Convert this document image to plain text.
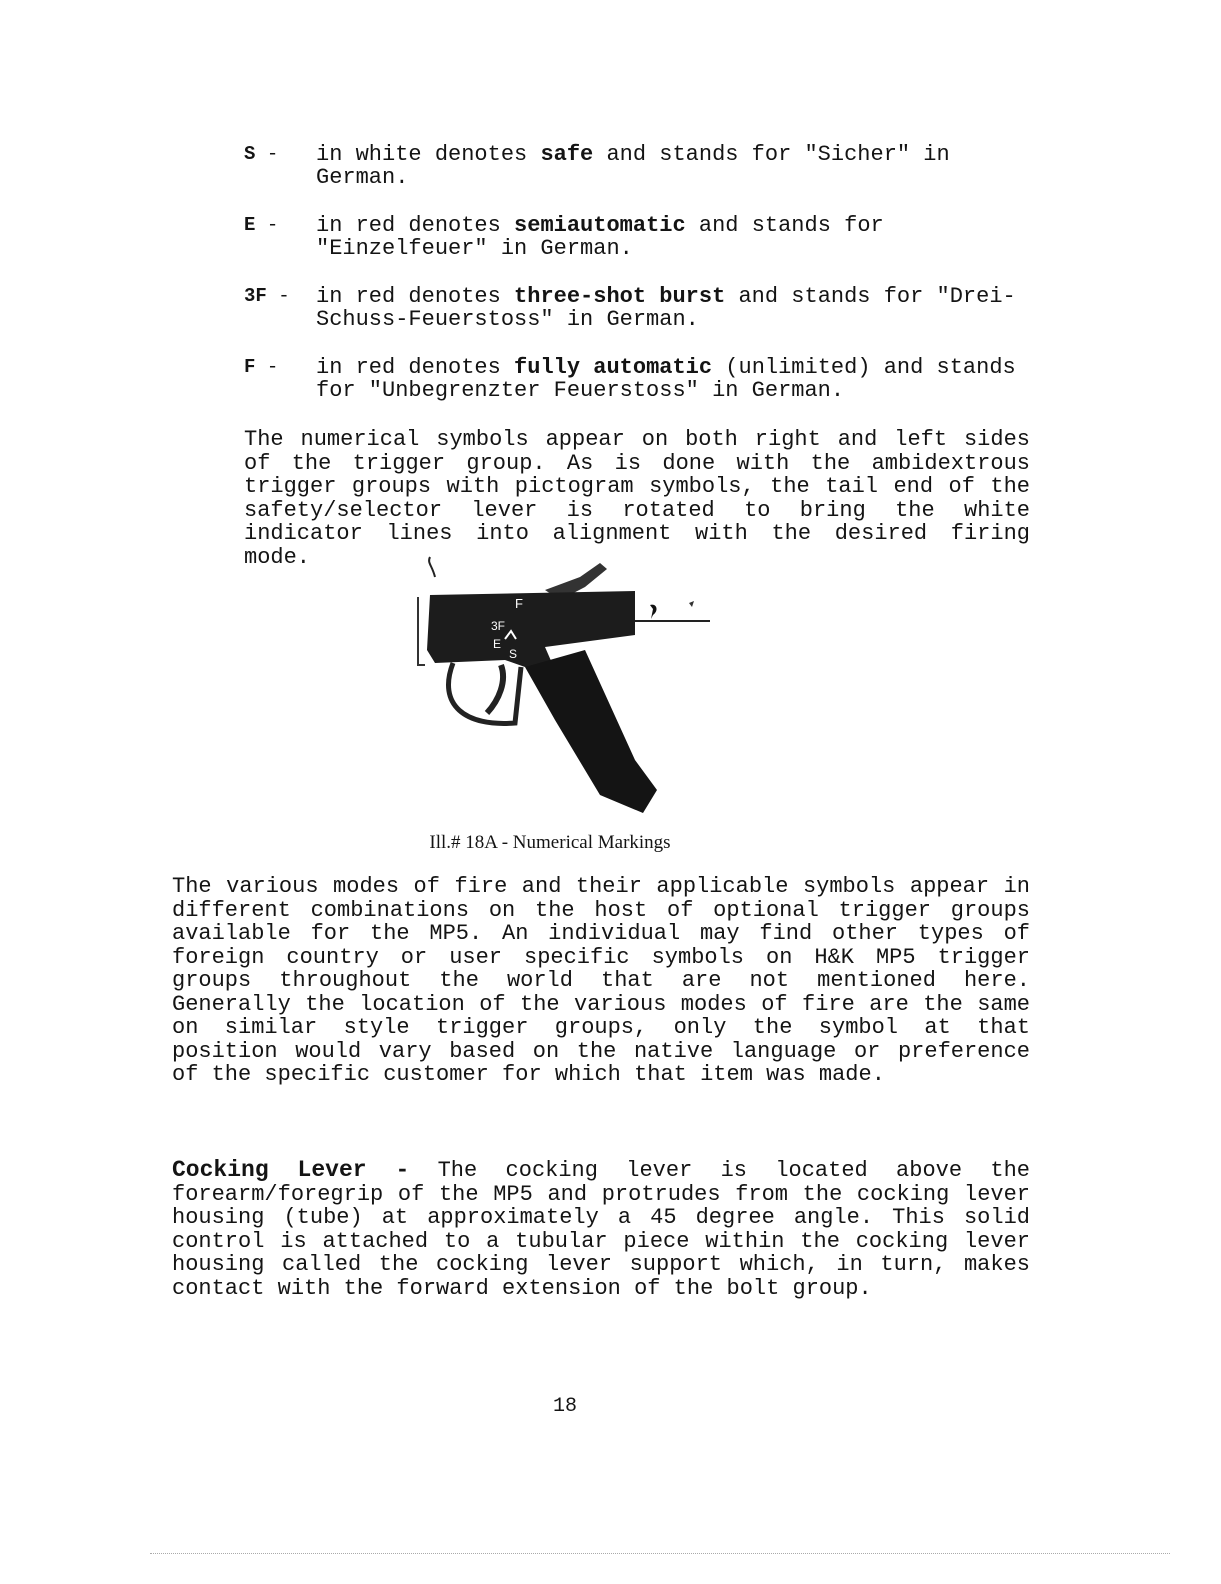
S - in white denotes safe and stands for "Sicher" in German.
E - in red denotes semiautomatic and stands for "Einzelfeuer" in German.
3F - in red denotes three-shot burst and stands for "Drei-Schuss-Feuerstoss" in German.
F - in red denotes fully automatic (unlimited) and stands for "Unbegrenzter Feuerstoss" in German.

The numerical symbols appear on both right and left sides of the trigger group. As is done with the ambidextrous trigger groups with pictogram symbols, the tail end of the safety/selector lever is rotated to bring the white indicator lines into alignment with the desired firing mode.

F
3F
E
S
Ill.# 18A - Numerical Markings

The various modes of fire and their applicable symbols appear in different combinations on the host of optional trigger groups available for the MP5. An individual may find other types of foreign country or user specific symbols on H&K MP5 trigger groups throughout the world that are not mentioned here. Generally the location of the various modes of fire are the same on similar style trigger groups, only the symbol at that position would vary based on the native language or preference of the specific customer for which that item was made.

Cocking Lever - The cocking lever is located above the forearm/foregrip of the MP5 and protrudes from the cocking lever housing (tube) at approximately a 45 degree angle. This solid control is attached to a tubular piece within the cocking lever housing called the cocking lever support which, in turn, makes contact with the forward extension of the bolt group.

18
